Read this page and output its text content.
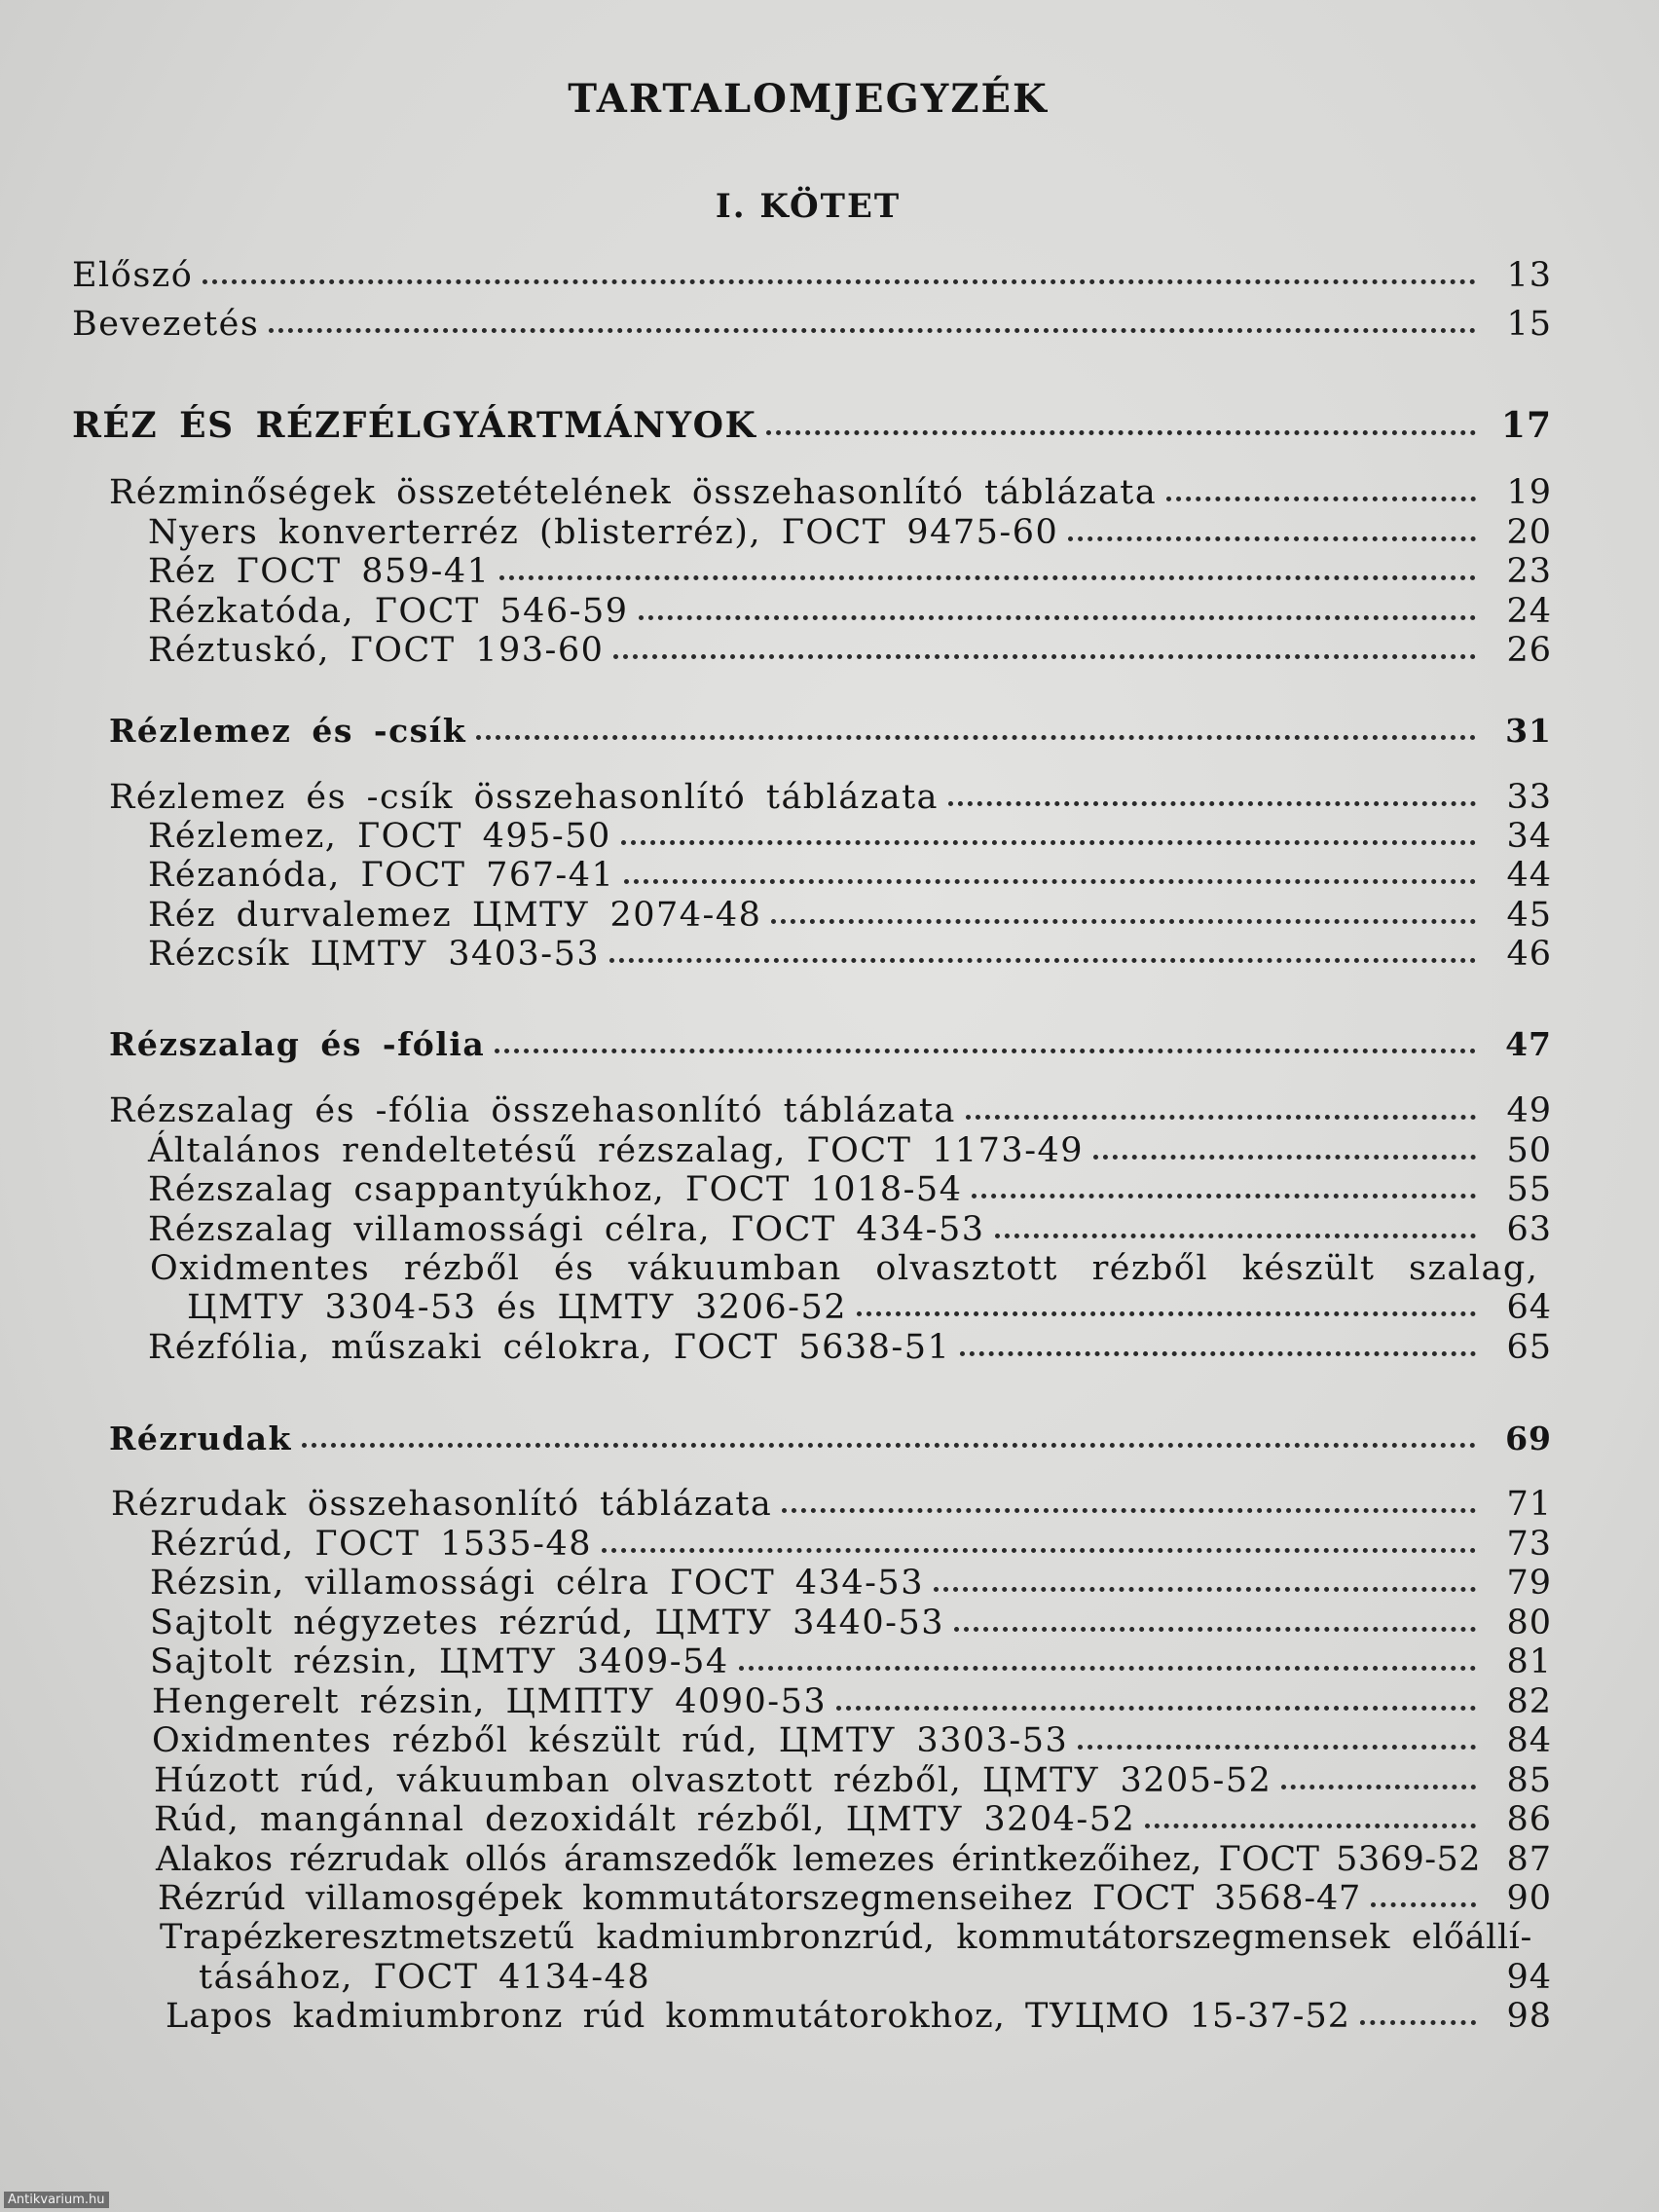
TARTALOMJEGYZÉK
I. KÖTET
Előszó	13
Bevezetés	15
RÉZ ÉS RÉZFÉLGYÁRTMÁNYOK	17
Rézminőségek összetételének összehasonlító táblázata	19
Nyers konverterréz (blisterréz), ГОСТ 9475-60	20
Réz ГОСТ 859-41	23
Rézkatóda, ГОСТ 546-59	24
Réztuskó, ГОСТ 193-60	26
Rézlemez és -csík	31
Rézlemez és -csík összehasonlító táblázata	33
Rézlemez, ГОСТ 495-50	34
Rézanóda, ГОСТ 767-41	44
Réz durvalemez ЦМТУ 2074-48	45
Rézcsík ЦМТУ 3403-53	46
Rézszalag és -fólia	47
Rézszalag és -fólia összehasonlító táblázata	49
Általános rendeltetésű rézszalag, ГОСТ 1173-49	50
Rézszalag csappantyúkhoz, ГОСТ 1018-54	55
Rézszalag villamossági célra, ГОСТ 434-53	63
Oxidmentes rézből és vákuumban olvasztott rézből készült szalag,
ЦМТУ 3304-53 és ЦМТУ 3206-52	64
Rézfólia, műszaki célokra, ГОСТ 5638-51	65
Rézrudak	69
Rézrudak összehasonlító táblázata	71
Rézrúd, ГОСТ 1535-48	73
Rézsin, villamossági célra ГОСТ 434-53	79
Sajtolt négyzetes rézrúd, ЦМТУ 3440-53	80
Sajtolt rézsin, ЦМТУ 3409-54	81
Hengerelt rézsin, ЦМПТУ 4090-53	82
Oxidmentes rézből készült rúd, ЦМТУ 3303-53	84
Húzott rúd, vákuumban olvasztott rézből, ЦМТУ 3205-52	85
Rúd, mangánnal dezoxidált rézből, ЦМТУ 3204-52	86
Alakos rézrudak ollós áramszedők lemezes érintkezőihez, ГОСТ 5369-52 87
Rézrúd villamosgépek kommutátorszegmenseihez ГОСТ 3568-47	90
Trapézkeresztmetszetű kadmiumbronzrúd, kommutátorszegmensek előállí-
tásához, ГОСТ 4134-48	94
Lapos kadmiumbronz rúd kommutátorokhoz, ТУЦМО 15-37-52	98
Antikvarium.hu
